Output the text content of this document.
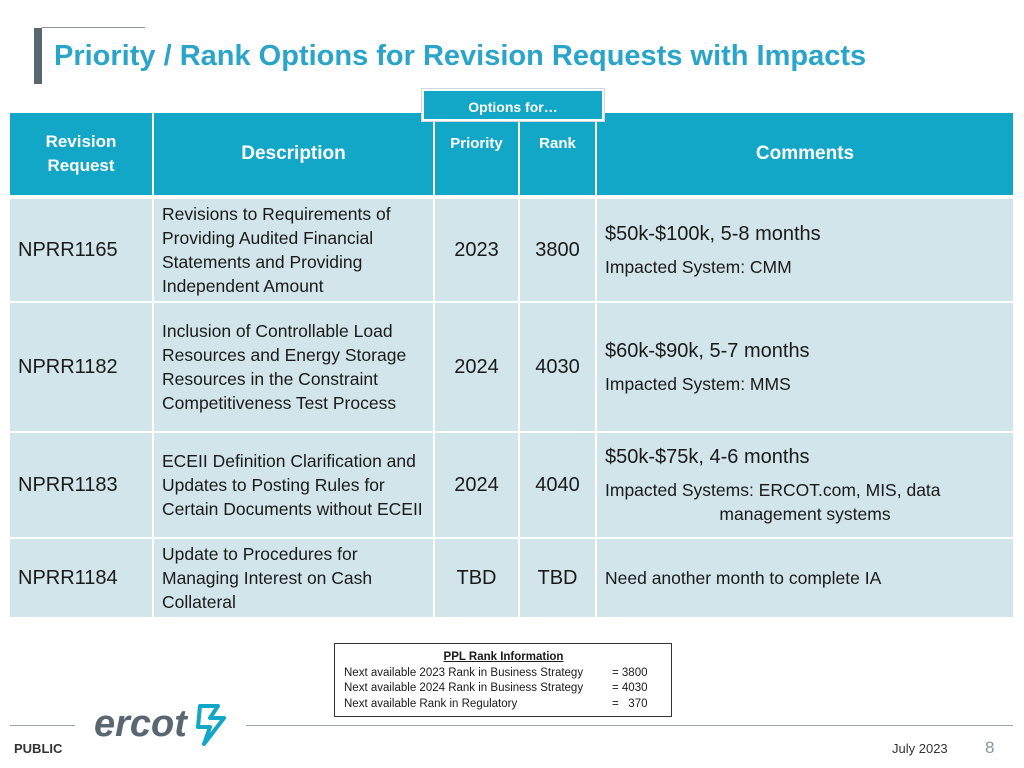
Priority / Rank Options for Revision Requests with Impacts
Revision Request	Description	Priority	Rank	Comments
NPRR1165	Revisions to Requirements of Providing Audited Financial Statements and Providing Independent Amount	2023	3800	$50k-$100k, 5-8 months
Impacted System: CMM

NPRR1182	Inclusion of Controllable Load Resources and Energy Storage Resources in the Constraint Competitiveness Test Process	2024	4030	$60k-$90k, 5-7 months
Impacted System: MMS

NPRR1183	ECEII Definition Clarification and Updates to Posting Rules for Certain Documents without ECEII	2024	4040	$50k-$75k, 4-6 months
Impacted Systems: ERCOT.com, MIS, data
management systems

NPRR1184	Update to Procedures for Managing Interest on Cash Collateral	TBD	TBD	Need another month to complete IA
Options for…
PPL Rank Information
Next available 2023 Rank in Business Strategy	= 3800
Next available 2024 Rank in Business Strategy	= 4030
Next available Rank in Regulatory	=   370
ercot
PUBLIC	July 2023 8
